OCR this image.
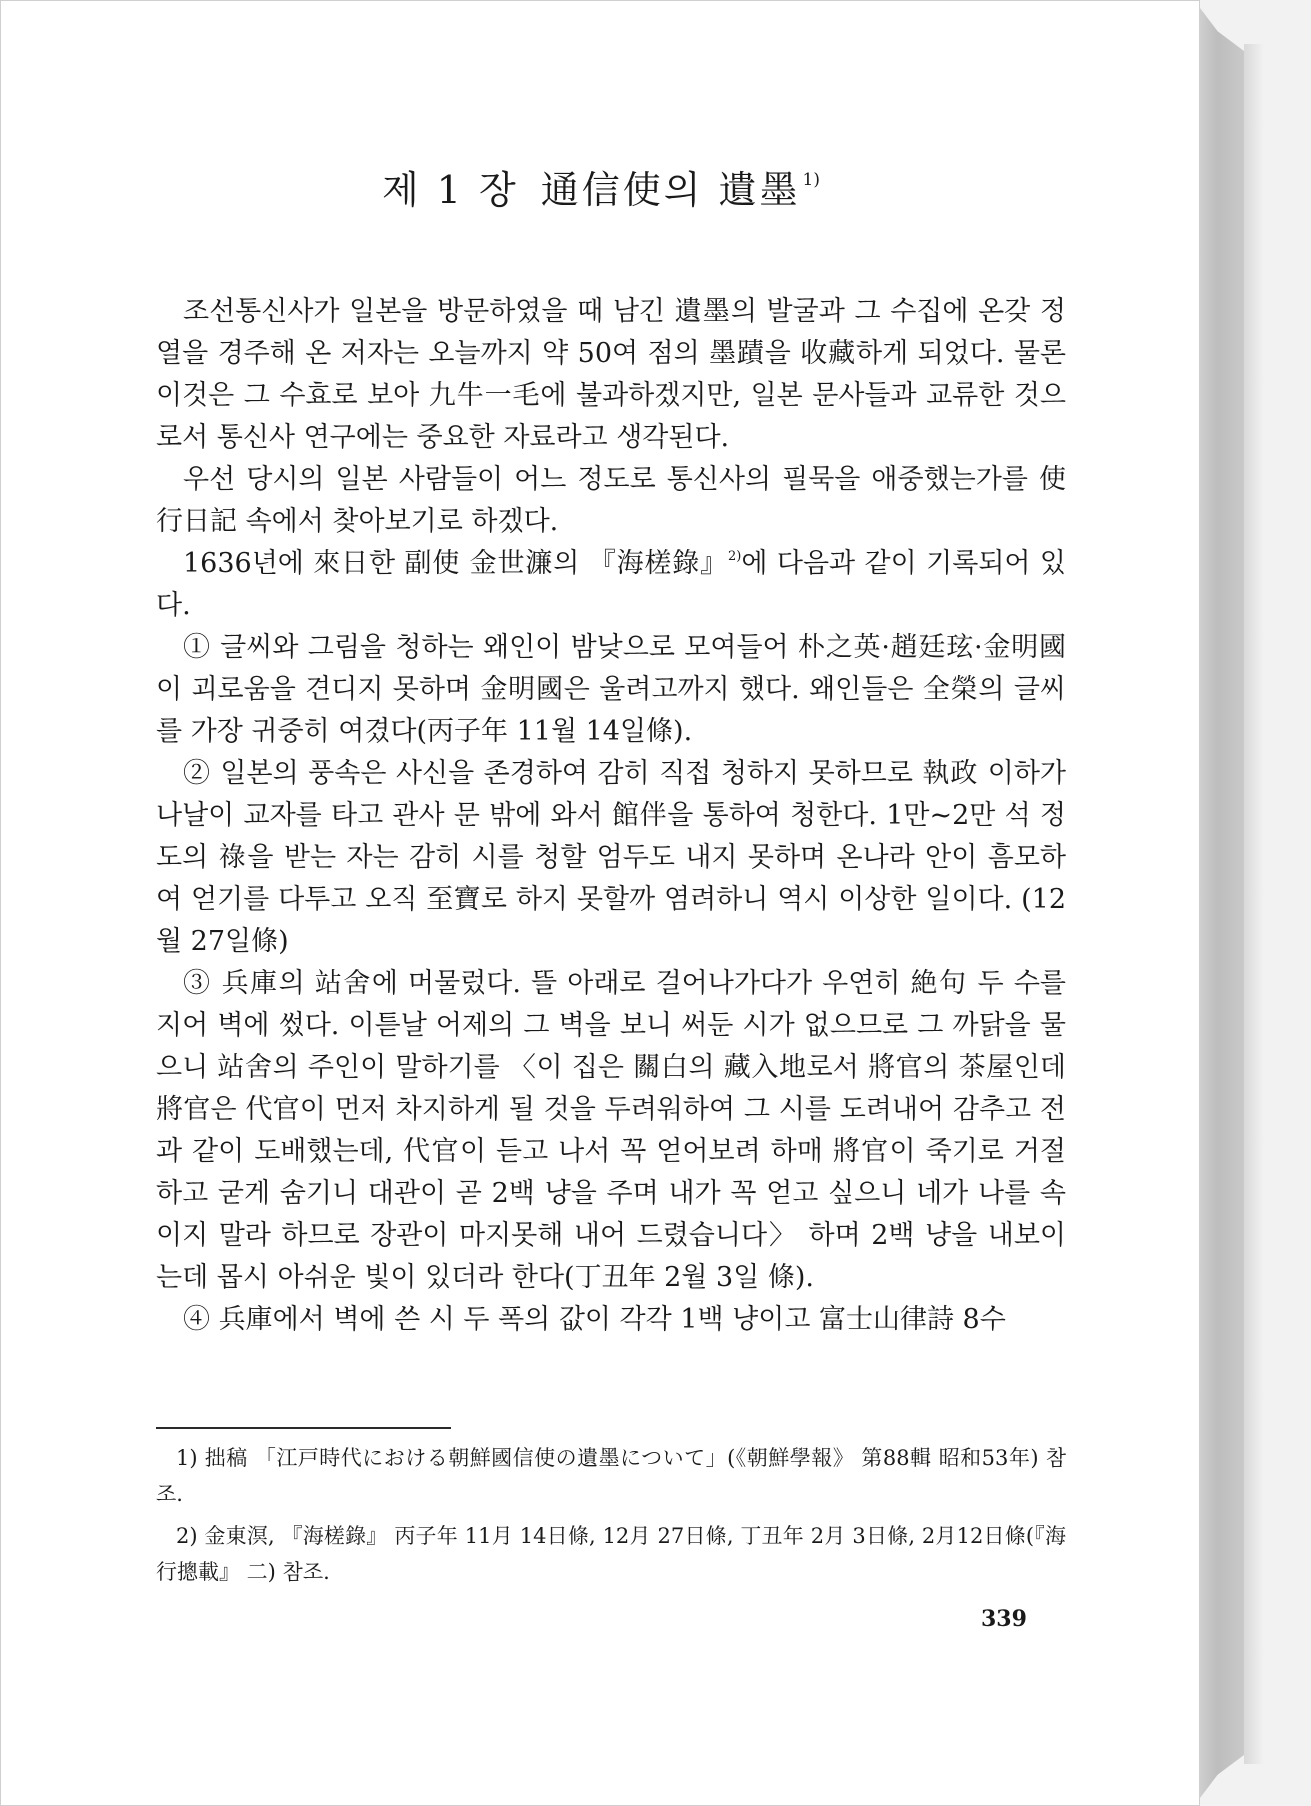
제 1 장 通信使의 遺墨 $^{1)}$

조선통신사가 일본을 방문하였을 때 남긴 遺墨의 발굴과 그 수집에 온갖 정열을 경주해 온 저자는 오늘까지 약 50여 점의 墨蹟을 收藏하게 되었다. 물론 이것은 그 수효로 보아 九牛一毛에 불과하겠지만, 일본 문사들과 교류한 것으로서 통신사 연구에는 중요한 자료라고 생각된다.

우선 당시의 일본 사람들이 어느 정도로 통신사의 필묵을 애중했는가를 使行日記 속에서 찾아보기로 하겠다.

1636년에 來日한 副使 金世濂의 『海槎錄』$^{2)}$에 다음과 같이 기록되어 있다.

① 글씨와 그림을 청하는 왜인이 밤낮으로 모여들어 朴之英·趙廷玹·金明國이 괴로움을 견디지 못하며 金明國은 울려고까지 했다. 왜인들은 全榮의 글씨를 가장 귀중히 여겼다(丙子年 11월 14일條).

② 일본의 풍속은 사신을 존경하여 감히 직접 청하지 못하므로 執政 이하가 나날이 교자를 타고 관사 문 밖에 와서 館伴을 통하여 청한다. 1만~2만 석 정도의 祿을 받는 자는 감히 시를 청할 엄두도 내지 못하며 온나라 안이 흠모하여 얻기를 다투고 오직 至寶로 하지 못할까 염려하니 역시 이상한 일이다. (12월 27일條)

③ 兵庫의 站舍에 머물렀다. 뜰 아래로 걸어나가다가 우연히 絶句 두 수를 지어 벽에 썼다. 이튿날 어제의 그 벽을 보니 써둔 시가 없으므로 그 까닭을 물으니 站舍의 주인이 말하기를 〈이 집은 關白의 藏入地로서 將官의 茶屋인데 將官은 代官이 먼저 차지하게 될 것을 두려워하여 그 시를 도려내어 감추고 전과 같이 도배했는데, 代官이 듣고 나서 꼭 얻어보려 하매 將官이 죽기로 거절하고 굳게 숨기니 대관이 곧 2백 냥을 주며 내가 꼭 얻고 싶으니 네가 나를 속이지 말라 하므로 장관이 마지못해 내어 드렸습니다〉 하며 2백 냥을 내보이는데 몹시 아쉬운 빛이 있더라 한다(丁丑年 2월 3일 條).

④ 兵庫에서 벽에 쓴 시 두 폭의 값이 각각 1백 냥이고 富士山律詩 8수

1) 拙稿 「江戸時代における朝鮮國信使の遺墨について」(《朝鮮學報》 第88輯 昭和53年) 참조.

2) 金東溟, 『海槎錄』 丙子年 11月 14日條, 12月 27日條, 丁丑年 2月 3日條, 2月12日條(『海行摠載』 二) 참조.

339
